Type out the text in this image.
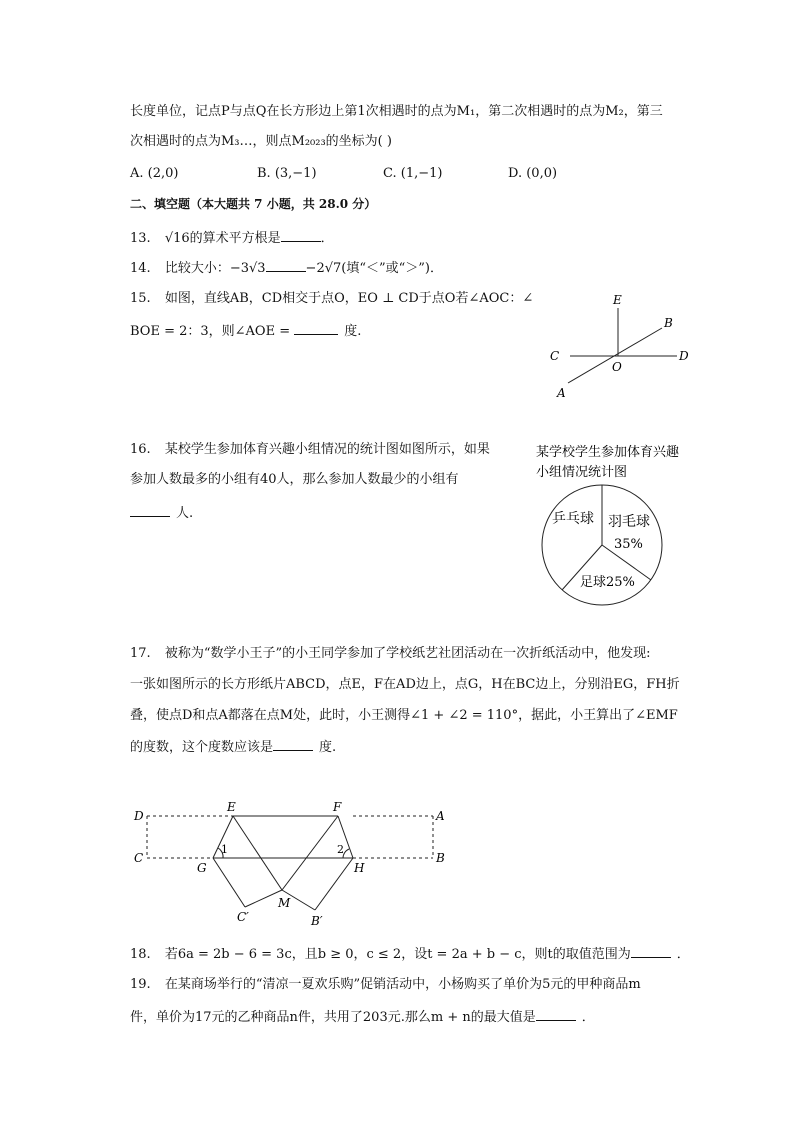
长度单位，记点P与点Q在长方形边上第1次相遇时的点为M₁，第二次相遇时的点为M₂，第三
次相遇时的点为M₃…，则点M₂₀₂₃的坐标为( )
A. (2,0)	B. (3,−1)	C. (1,−1)	D. (0,0)
二、填空题（本大题共 7 小题，共 28.0 分）
13. √16的算术平方根是	．
14. 比较大小：−3√3	−2√7(填“＜”或“＞”)．
15. 如图，直线AB，CD相交于点O，EO ⊥ CD于点O若∠AOC：∠
BOE = 2：3，则∠AOE =	度.
E
B
C
O
D
A
16. 某校学生参加体育兴趣小组情况的统计图如图所示，如果
参加人数最多的小组有40人，那么参加人数最少的小组有
人.
某学校学生参加体育兴趣
小组情况统计图
乒乓球 羽毛球
35%
足球25%
17. 被称为“数学小王子”的小王同学参加了学校纸艺社团活动在一次折纸活动中，他发现:
一张如图所示的长方形纸片ABCD，点E，F在AD边上，点G，H在BC边上，分别沿EG，FH折
叠，使点D和点A都落在点M处，此时，小王测得∠1 + ∠2 = 110°，据此，小王算出了∠EMF
的度数，这个度数应该是	度.
D
E	F
A
C	B
G	H
M
C′	B′
1	2
18. 若6a = 2b − 6 = 3c，且b ≥ 0，c ≤ 2，设t = 2a + b − c，则t的取值范围为	．
19. 在某商场举行的“清凉一夏欢乐购”促销活动中，小杨购买了单价为5元的甲种商品m
件，单价为17元的乙种商品n件，共用了203元.那么m + n的最大值是	．
